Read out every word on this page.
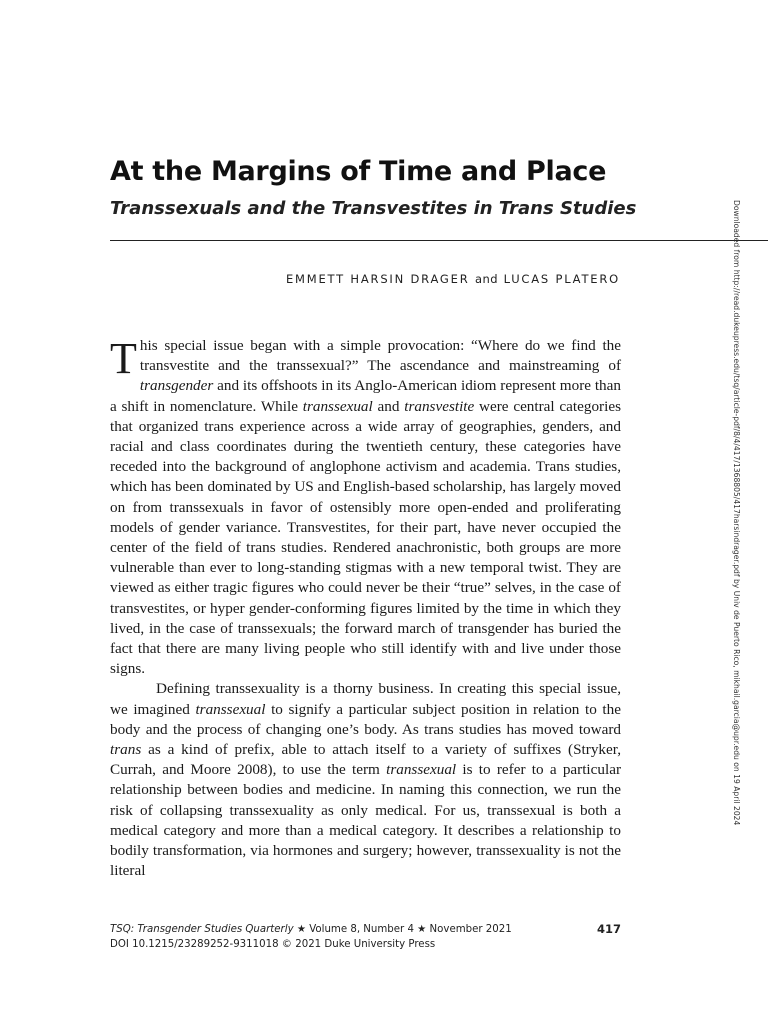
At the Margins of Time and Place
Transsexuals and the Transvestites in Trans Studies
EMMETT HARSIN DRAGER and LUCAS PLATERO

This special issue began with a simple provocation: “Where do we find the transvestite and the transsexual?” The ascendance and mainstreaming of transgender and its offshoots in its Anglo-American idiom represent more than a shift in nomenclature. While transsexual and transvestite were central categories that organized trans experience across a wide array of geographies, genders, and racial and class coordinates during the twentieth century, these categories have receded into the background of anglophone activism and academia. Trans studies, which has been dominated by US and English-based scholarship, has largely moved on from transsexuals in favor of ostensibly more open-ended and proliferating models of gender variance. Transvestites, for their part, have never occupied the center of the field of trans studies. Rendered anachronistic, both groups are more vulnerable than ever to long-standing stigmas with a new temporal twist. They are viewed as either tragic figures who could never be their “true” selves, in the case of transvestites, or hyper gender-conforming figures limited by the time in which they lived, in the case of transsexuals; the forward march of transgender has buried the fact that there are many living people who still identify with and live under those signs.

Defining transsexuality is a thorny business. In creating this special issue, we imagined transsexual to signify a particular subject position in relation to the body and the process of changing one’s body. As trans studies has moved toward trans as a kind of prefix, able to attach itself to a variety of suffixes (Stryker, Currah, and Moore 2008), to use the term transsexual is to refer to a particular relationship between bodies and medicine. In naming this connection, we run the risk of collapsing transsexuality as only medical. For us, transsexual is both a medical category and more than a medical category. It describes a relationship to bodily transformation, via hormones and surgery; however, transsexuality is not the literal

TSQ: Transgender Studies Quarterly ★ Volume 8, Number 4 ★ November 2021
DOI 10.1215/23289252-9311018 © 2021 Duke University Press
417
Downloaded from http://read.dukeupress.edu/tsq/article-pdf/8/4/417/1368805/417harsindrager.pdf by Univ de Puerto Rico, mikhail.garcia@upr.edu on 19 April 2024
